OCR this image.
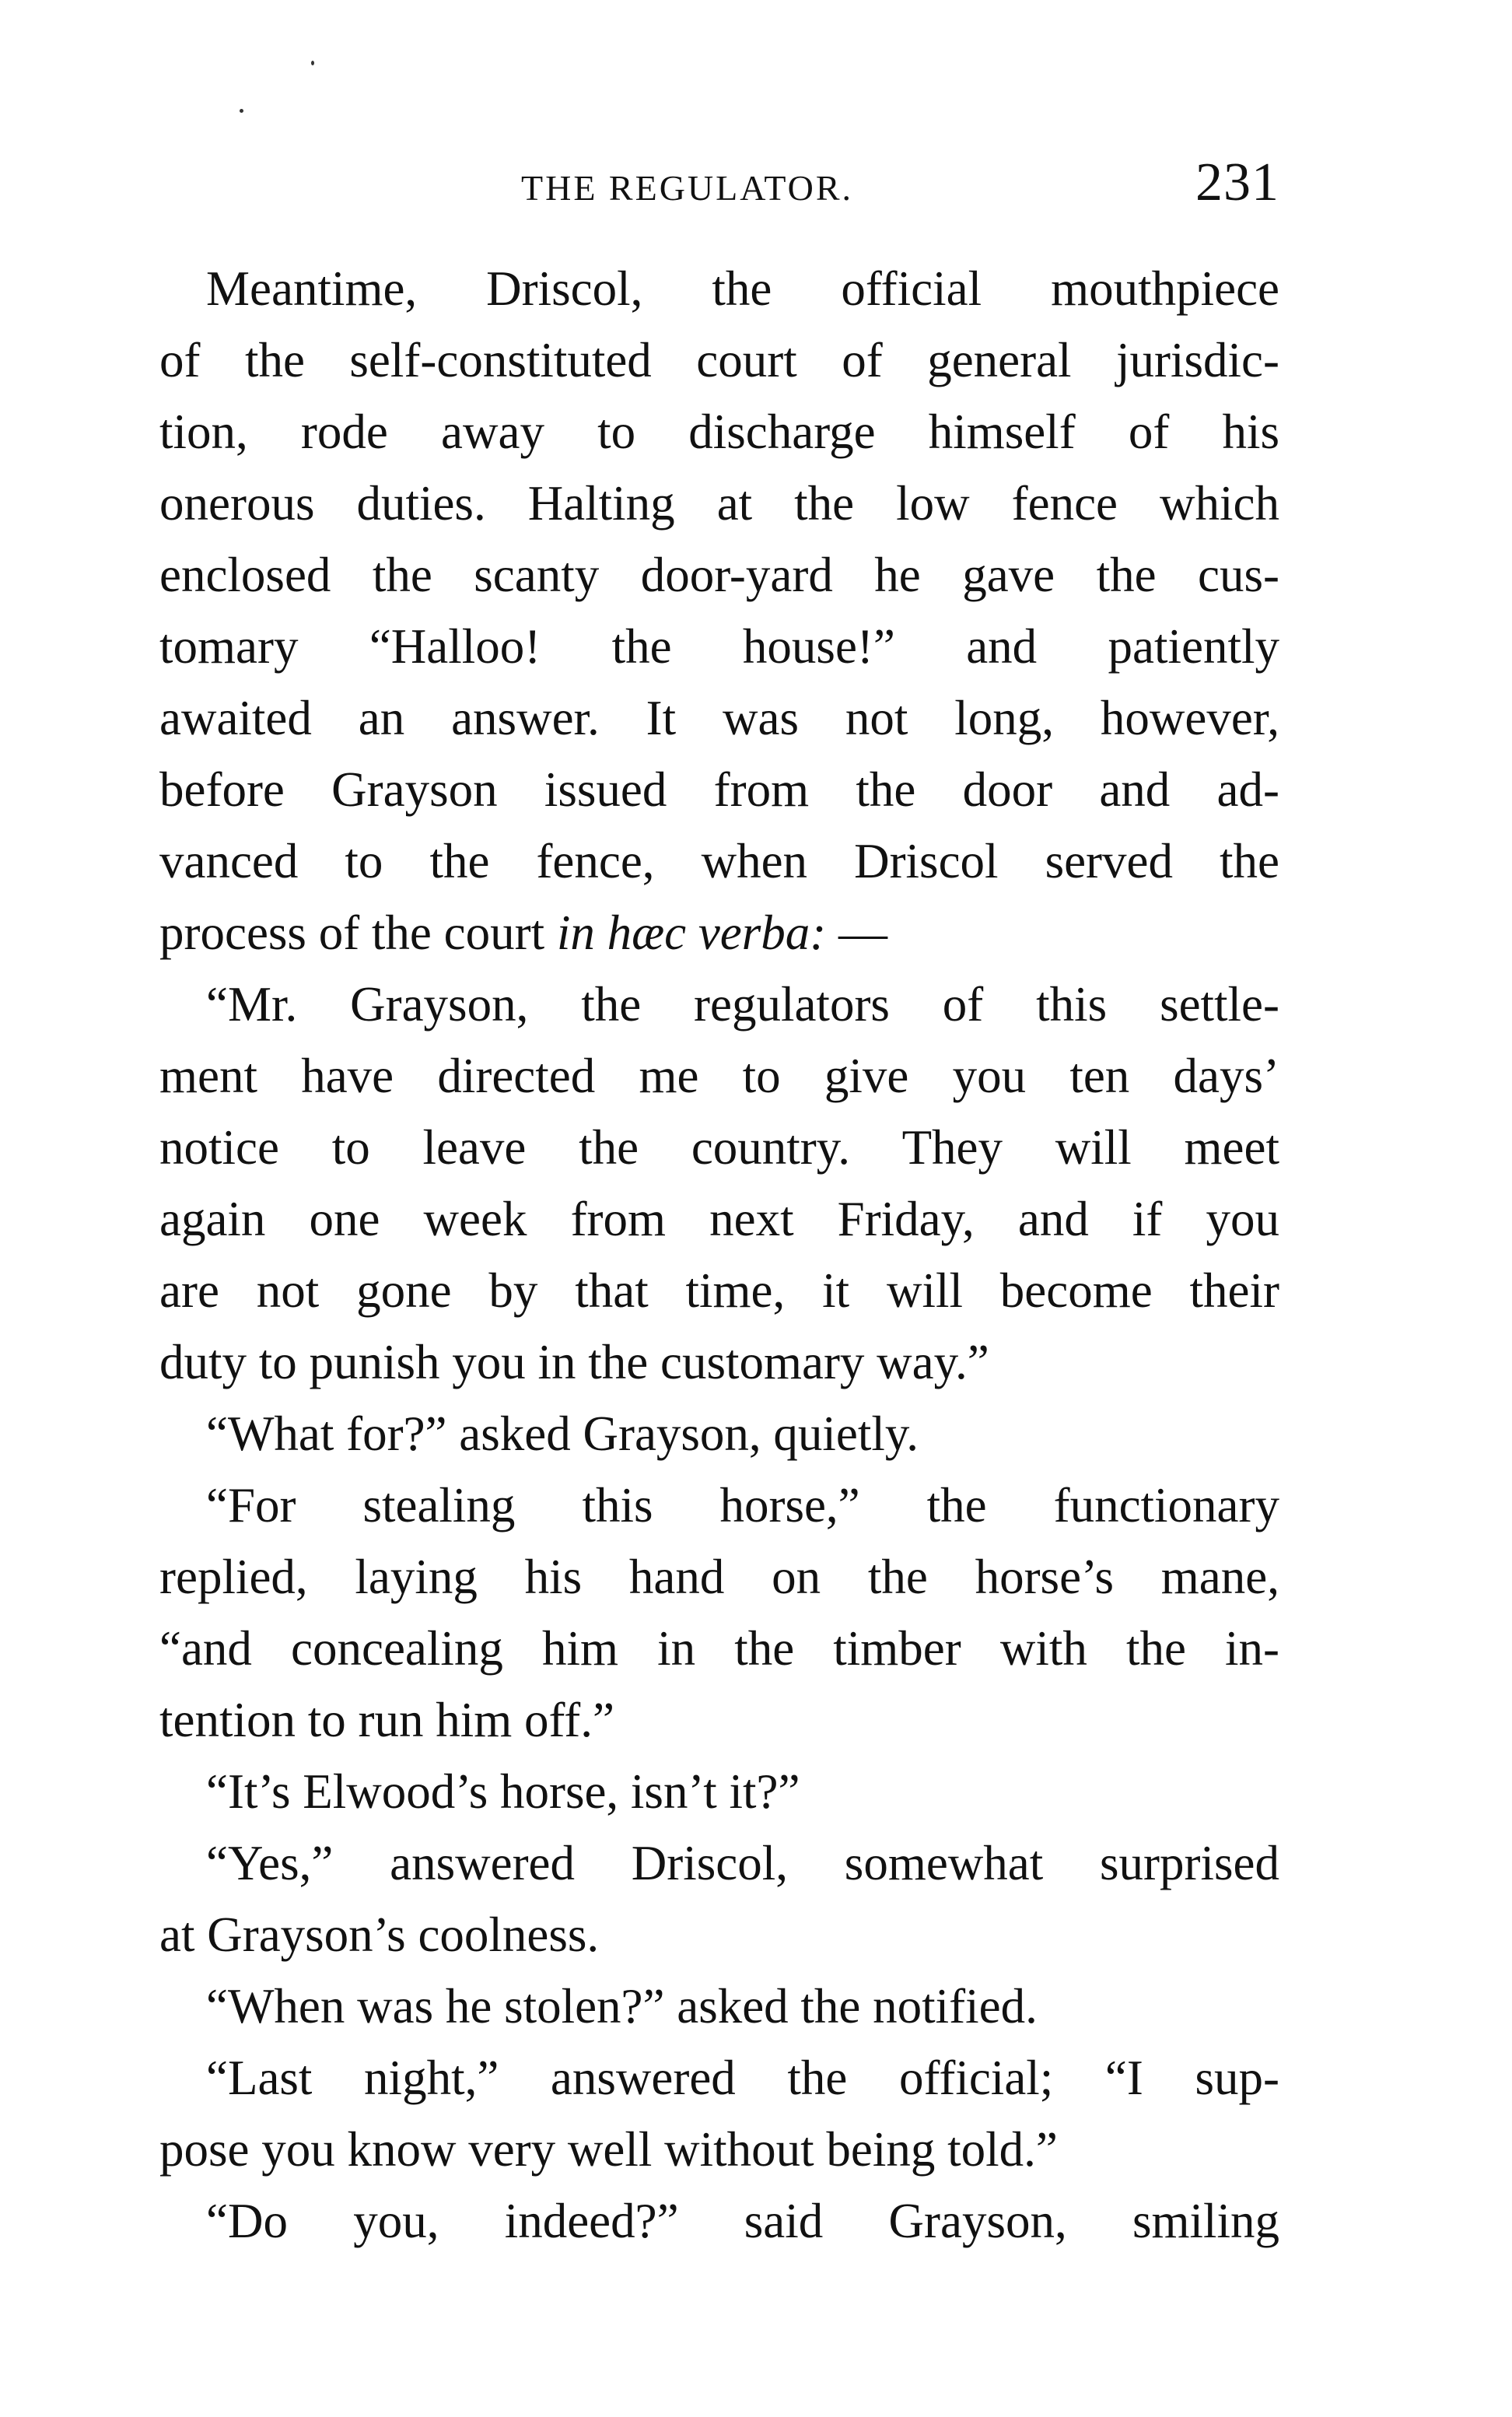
THE REGULATOR.	231
Meantime, Driscol, the official mouthpiece
of the self-constituted court of general jurisdic-
tion, rode away to discharge himself of his
onerous duties. Halting at the low fence which
enclosed the scanty door-yard he gave the cus-
tomary “Halloo! the house!” and patiently
awaited an answer. It was not long, however,
before Grayson issued from the door and ad-
vanced to the fence, when Driscol served the
process of the court in hæc verba: —
“Mr. Grayson, the regulators of this settle-
ment have directed me to give you ten days’
notice to leave the country. They will meet
again one week from next Friday, and if you
are not gone by that time, it will become their
duty to punish you in the customary way.”
“What for?” asked Grayson, quietly.
“For stealing this horse,” the functionary
replied, laying his hand on the horse’s mane,
“and concealing him in the timber with the in-
tention to run him off.”
“It’s Elwood’s horse, isn’t it?”
“Yes,” answered Driscol, somewhat surprised
at Grayson’s coolness.
“When was he stolen?” asked the notified.
“Last night,” answered the official; “I sup-
pose you know very well without being told.”
“Do you, indeed?” said Grayson, smiling
